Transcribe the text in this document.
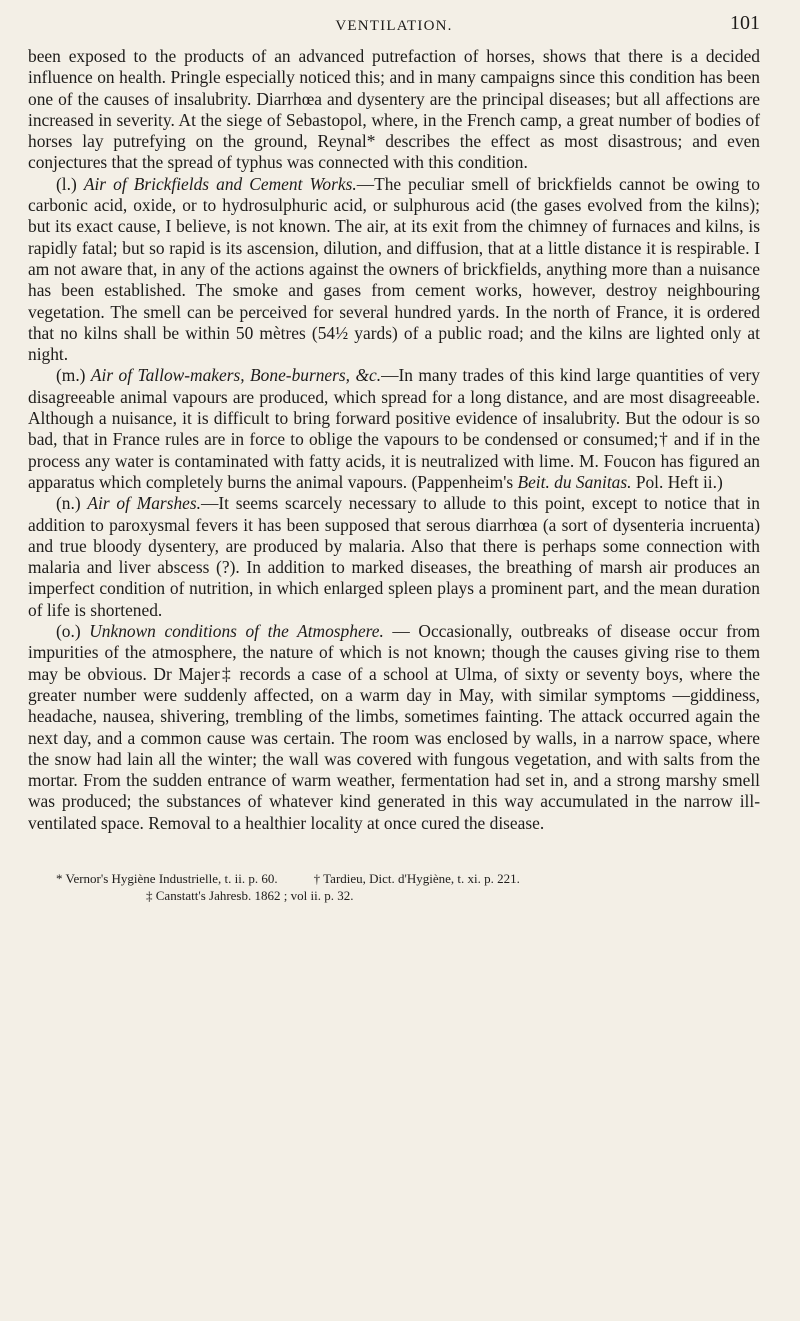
VENTILATION.	101

been exposed to the products of an advanced putrefaction of horses, shows that there is a decided influence on health. Pringle especially noticed this; and in many campaigns since this condition has been one of the causes of insalubrity. Diarrhœa and dysentery are the principal diseases; but all affections are increased in severity. At the siege of Sebastopol, where, in the French camp, a great number of bodies of horses lay putrefying on the ground, Reynal* describes the effect as most disastrous; and even conjectures that the spread of typhus was connected with this condition.

(l.) Air of Brickfields and Cement Works.—The peculiar smell of brickfields cannot be owing to carbonic acid, oxide, or to hydrosulphuric acid, or sulphurous acid (the gases evolved from the kilns); but its exact cause, I believe, is not known. The air, at its exit from the chimney of furnaces and kilns, is rapidly fatal; but so rapid is its ascension, dilution, and diffusion, that at a little distance it is respirable. I am not aware that, in any of the actions against the owners of brickfields, anything more than a nuisance has been established. The smoke and gases from cement works, however, destroy neighbouring vegetation. The smell can be perceived for several hundred yards. In the north of France, it is ordered that no kilns shall be within 50 mètres (54½ yards) of a public road; and the kilns are lighted only at night.

(m.) Air of Tallow-makers, Bone-burners, &c.—In many trades of this kind large quantities of very disagreeable animal vapours are produced, which spread for a long distance, and are most disagreeable. Although a nuisance, it is difficult to bring forward positive evidence of insalubrity. But the odour is so bad, that in France rules are in force to oblige the vapours to be condensed or consumed;† and if in the process any water is contaminated with fatty acids, it is neutralized with lime. M. Foucon has figured an apparatus which completely burns the animal vapours. (Pappenheim's Beit. du Sanitas. Pol. Heft ii.)

(n.) Air of Marshes.—It seems scarcely necessary to allude to this point, except to notice that in addition to paroxysmal fevers it has been supposed that serous diarrhœa (a sort of dysenteria incruenta) and true bloody dysentery, are produced by malaria. Also that there is perhaps some connection with malaria and liver abscess (?). In addition to marked diseases, the breathing of marsh air produces an imperfect condition of nutrition, in which enlarged spleen plays a prominent part, and the mean duration of life is shortened.

(o.) Unknown conditions of the Atmosphere. — Occasionally, outbreaks of disease occur from impurities of the atmosphere, the nature of which is not known; though the causes giving rise to them may be obvious. Dr Majer‡ records a case of a school at Ulma, of sixty or seventy boys, where the greater number were suddenly affected, on a warm day in May, with similar symptoms —giddiness, headache, nausea, shivering, trembling of the limbs, sometimes fainting. The attack occurred again the next day, and a common cause was certain. The room was enclosed by walls, in a narrow space, where the snow had lain all the winter; the wall was covered with fungous vegetation, and with salts from the mortar. From the sudden entrance of warm weather, fermentation had set in, and a strong marshy smell was produced; the substances of whatever kind generated in this way accumulated in the narrow ill-ventilated space. Removal to a healthier locality at once cured the disease.

* Vernor's Hygiène Industrielle, t. ii. p. 60.	† Tardieu, Dict. d'Hygiène, t. xi. p. 221.
‡ Canstatt's Jahresb. 1862 ; vol ii. p. 32.
